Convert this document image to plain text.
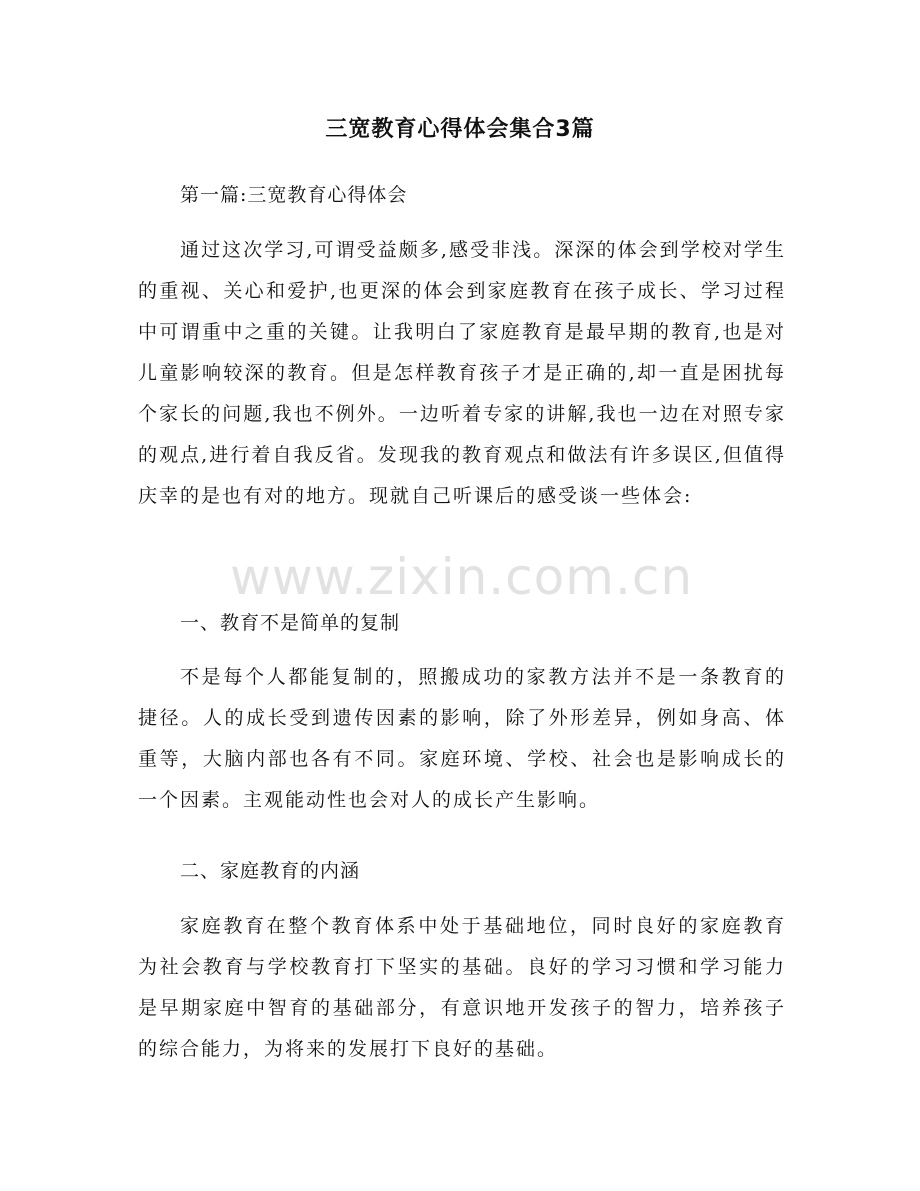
三宽教育心得体会集合3篇

第一篇:三宽教育心得体会

通过这次学习,可谓受益颇多,感受非浅。深深的体会到学校对学生的重视、关心和爱护,也更深的体会到家庭教育在孩子成长、学习过程中可谓重中之重的关键。让我明白了家庭教育是最早期的教育,也是对儿童影响较深的教育。但是怎样教育孩子才是正确的,却一直是困扰每个家长的问题,我也不例外。一边听着专家的讲解,我也一边在对照专家的观点,进行着自我反省。发现我的教育观点和做法有许多误区,但值得庆幸的是也有对的地方。现就自己听课后的感受谈一些体会:

一、教育不是简单的复制

不是每个人都能复制的，照搬成功的家教方法并不是一条教育的捷径。人的成长受到遗传因素的影响，除了外形差异，例如身高、体重等，大脑内部也各有不同。家庭环境、学校、社会也是影响成长的一个因素。主观能动性也会对人的成长产生影响。

二、家庭教育的内涵

家庭教育在整个教育体系中处于基础地位，同时良好的家庭教育为社会教育与学校教育打下坚实的基础。良好的学习习惯和学习能力是早期家庭中智育的基础部分，有意识地开发孩子的智力，培养孩子的综合能力，为将来的发展打下良好的基础。

www.zixin.com.cn
